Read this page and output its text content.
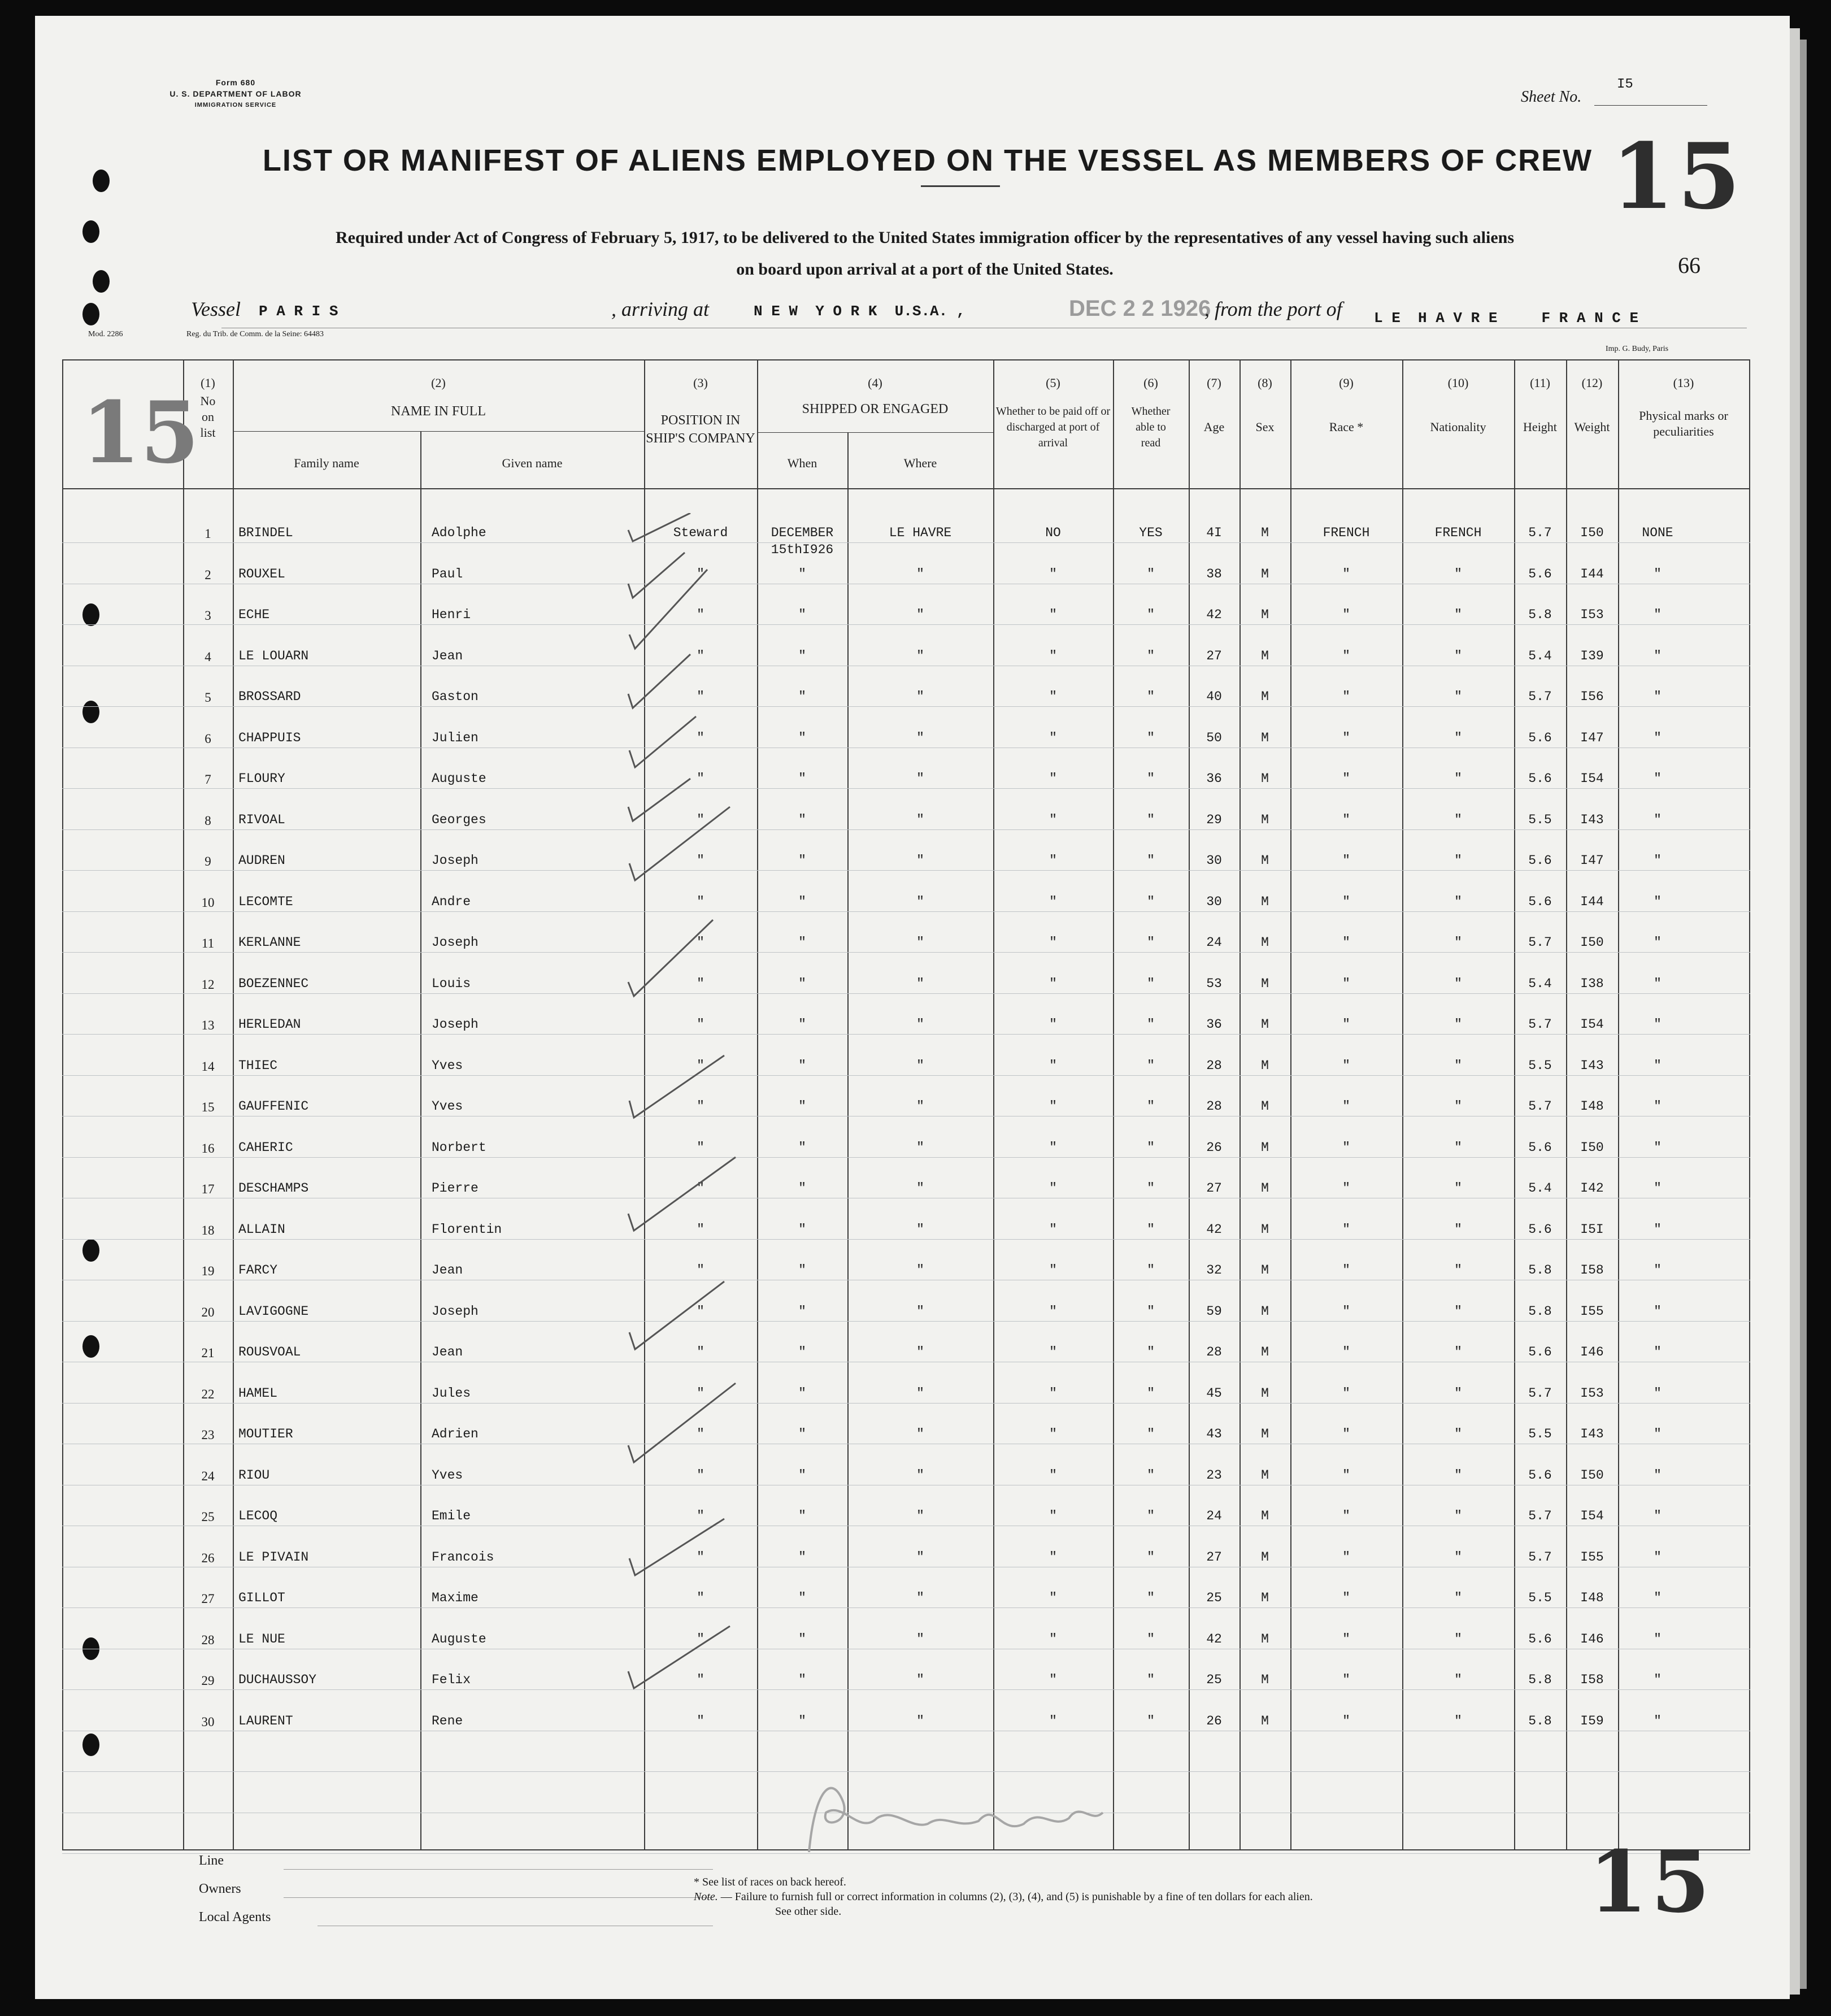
Form 680
U. S. DEPARTMENT OF LABOR
IMMIGRATION SERVICE	Sheet No.
I5
15
LIST OR MANIFEST OF ALIENS EMPLOYED ON THE VESSEL AS MEMBERS OF CREW
Required under Act of Congress of February 5, 1917, to be delivered to the United States immigration officer by the representatives of any vessel having such aliens
on board upon arrival at a port of the United States.	66
Vessel P A R I S	, arriving at	N E W  Y O R K  U.S.A. ,	DEC 2 2 1926
, from the port of L E  H A V R E     F R A N C E
Mod. 2286	Reg. du Trib. de Comm. de la Seine: 64483
Imp. G. Budy, Paris
15
(1)
No on list
(2)
NAME IN FULL
Family name	Given name
(3)
POSITION IN SHIP'S COMPANY
(4)
SHIPPED OR ENGAGED
When	Where
(5)
Whether to be paid off or discharged at port of arrival
(6)
Whether able to read
(7)
Age
(8)
Sex
(9)
Race *
(10)
Nationality
(11)
Height
(12)
Weight
(13)
Physical marks or peculiarities
1	BRINDEL	Adolphe	Steward	DECEMBER	LE HAVRE	NO	YES	4I	M	FRENCH	FRENCH	5.7	I50	NONE
15thI926
2	ROUXEL	Paul	"	"	"	"	"	38	M	"	"	5.6	I44	"
3	ECHE	Henri	"	"	"	"	"	42	M	"	"	5.8	I53	"
4	LE LOUARN	Jean	"	"	"	"	"	27	M	"	"	5.4	I39	"
5	BROSSARD	Gaston	"	"	"	"	"	40	M	"	"	5.7	I56	"
6	CHAPPUIS	Julien	"	"	"	"	"	50	M	"	"	5.6	I47	"
7	FLOURY	Auguste	"	"	"	"	"	36	M	"	"	5.6	I54	"
8	RIVOAL	Georges	"	"	"	"	"	29	M	"	"	5.5	I43	"
9	AUDREN	Joseph	"	"	"	"	"	30	M	"	"	5.6	I47	"
10	LECOMTE	Andre	"	"	"	"	"	30	M	"	"	5.6	I44	"
11	KERLANNE	Joseph	"	"	"	"	"	24	M	"	"	5.7	I50	"
12	BOEZENNEC	Louis	"	"	"	"	"	53	M	"	"	5.4	I38	"
13	HERLEDAN	Joseph	"	"	"	"	"	36	M	"	"	5.7	I54	"
14	THIEC	Yves	"	"	"	"	"	28	M	"	"	5.5	I43	"
15	GAUFFENIC	Yves	"	"	"	"	"	28	M	"	"	5.7	I48	"
16	CAHERIC	Norbert	"	"	"	"	"	26	M	"	"	5.6	I50	"
17	DESCHAMPS	Pierre	"	"	"	"	"	27	M	"	"	5.4	I42	"
18	ALLAIN	Florentin	"	"	"	"	"	42	M	"	"	5.6	I5I	"
19	FARCY	Jean	"	"	"	"	"	32	M	"	"	5.8	I58	"
20	LAVIGOGNE	Joseph	"	"	"	"	"	59	M	"	"	5.8	I55	"
21	ROUSVOAL	Jean	"	"	"	"	"	28	M	"	"	5.6	I46	"
22	HAMEL	Jules	"	"	"	"	"	45	M	"	"	5.7	I53	"
23	MOUTIER	Adrien	"	"	"	"	"	43	M	"	"	5.5	I43	"
24	RIOU	Yves	"	"	"	"	"	23	M	"	"	5.6	I50	"
25	LECOQ	Emile	"	"	"	"	"	24	M	"	"	5.7	I54	"
26	LE PIVAIN	Francois	"	"	"	"	"	27	M	"	"	5.7	I55	"
27	GILLOT	Maxime	"	"	"	"	"	25	M	"	"	5.5	I48	"
28	LE NUE	Auguste	"	"	"	"	"	42	M	"	"	5.6	I46	"
29	DUCHAUSSOY	Felix	"	"	"	"	"	25	M	"	"	5.8	I58	"
30	LAURENT	Rene	"	"	"	"	"	26	M	"	"	5.8	I59	"
Line
Owners
Local Agents
* See list of races on back hereof.
Note. — Failure to furnish full or correct information in columns (2), (3), (4), and (5) is punishable by a fine of ten dollars for each alien.
See other side.	15
